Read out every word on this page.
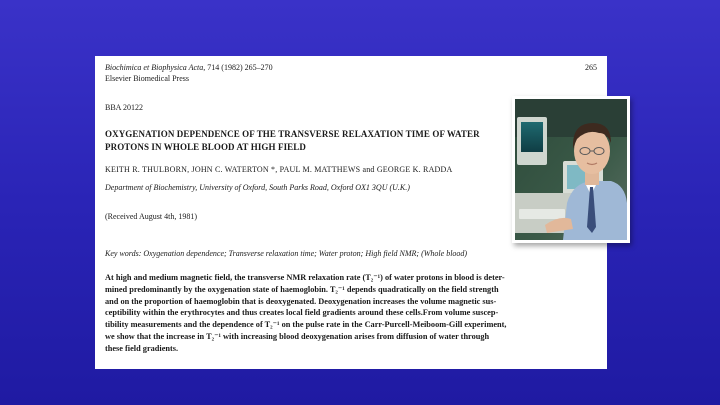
Biochimica et Biophysica Acta, 714 (1982) 265–270	265
Elsevier Biomedical Press
BBA 20122
OXYGENATION DEPENDENCE OF THE TRANSVERSE RELAXATION TIME OF WATER PROTONS IN WHOLE BLOOD AT HIGH FIELD
KEITH R. THULBORN, JOHN C. WATERTON *, PAUL M. MATTHEWS and GEORGE K. RADDA
Department of Biochemistry, University of Oxford, South Parks Road, Oxford OX1 3QU (U.K.)
(Received August 4th, 1981)
Key words: Oxygenation dependence; Transverse relaxation time; Water proton; High field NMR; (Whole blood)
At high and medium magnetic field, the transverse NMR relaxation rate (T₂⁻¹) of water protons in blood is deter-
mined predominantly by the oxygenation state of haemoglobin. T₂⁻¹ depends quadratically on the field strength
and on the proportion of haemoglobin that is deoxygenated. Deoxygenation increases the volume magnetic sus-
ceptibility within the erythrocytes and thus creates local field gradients around these cells.From volume suscep-
tibility measurements and the dependence of T₂⁻¹ on the pulse rate in the Carr-Purcell-Meiboom-Gill experiment,
we show that the increase in T₂⁻¹ with increasing blood deoxygenation arises from diffusion of water through
these field gradients.
